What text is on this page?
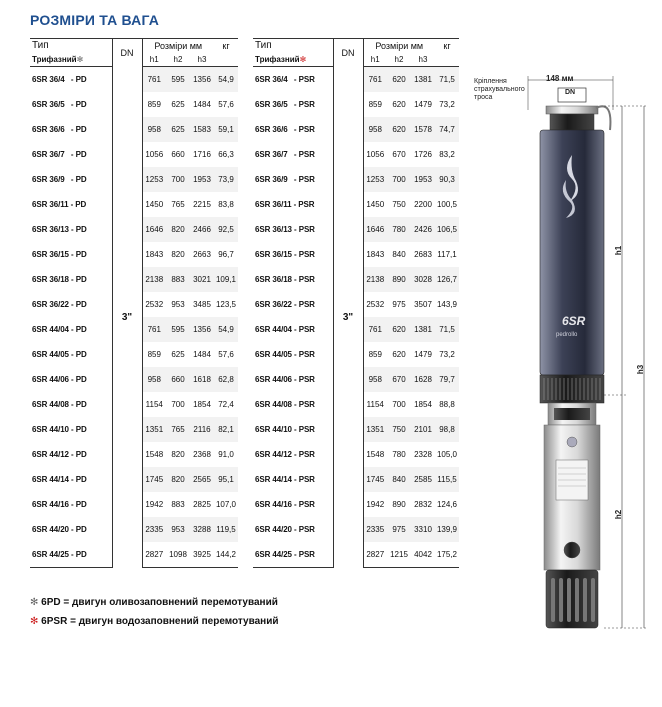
РОЗМІРИ ТА ВАГА
Тип	DN	Розміри мм			кг
Трифазний✻		h1	h2	h3	
6SR 36/4   - PD	3"	761	595	1356	54,9
6SR 36/5   - PD		859	625	1484	57,6
6SR 36/6   - PD		958	625	1583	59,1
6SR 36/7   - PD		1056	660	1716	66,3
6SR 36/9   - PD		1253	700	1953	73,9
6SR 36/11 - PD		1450	765	2215	83,8
6SR 36/13 - PD		1646	820	2466	92,5
6SR 36/15 - PD		1843	820	2663	96,7
6SR 36/18 - PD		2138	883	3021	109,1
6SR 36/22 - PD		2532	953	3485	123,5
6SR 44/04 - PD		761	595	1356	54,9
6SR 44/05 - PD		859	625	1484	57,6
6SR 44/06 - PD		958	660	1618	62,8
6SR 44/08 - PD		1154	700	1854	72,4
6SR 44/10 - PD		1351	765	2116	82,1
6SR 44/12 - PD		1548	820	2368	91,0
6SR 44/14 - PD		1745	820	2565	95,1
6SR 44/16 - PD		1942	883	2825	107,0
6SR 44/20 - PD		2335	953	3288	119,5
6SR 44/25 - PD		2827	1098	3925	144,2
Тип	DN	Розміри мм			кг
Трифазний✻		h1	h2	h3	
6SR 36/4   - PSR	3"	761	620	1381	71,5
6SR 36/5   - PSR		859	620	1479	73,2
6SR 36/6   - PSR		958	620	1578	74,7
6SR 36/7   - PSR		1056	670	1726	83,2
6SR 36/9   - PSR		1253	700	1953	90,3
6SR 36/11 - PSR		1450	750	2200	100,5
6SR 36/13 - PSR		1646	780	2426	106,5
6SR 36/15 - PSR		1843	840	2683	117,1
6SR 36/18 - PSR		2138	890	3028	126,7
6SR 36/22 - PSR		2532	975	3507	143,9
6SR 44/04 - PSR		761	620	1381	71,5
6SR 44/05 - PSR		859	620	1479	73,2
6SR 44/06 - PSR		958	670	1628	79,7
6SR 44/08 - PSR		1154	700	1854	88,8
6SR 44/10 - PSR		1351	750	2101	98,8
6SR 44/12 - PSR		1548	780	2328	105,0
6SR 44/14 - PSR		1745	840	2585	115,5
6SR 44/16 - PSR		1942	890	2832	124,6
6SR 44/20 - PSR		2335	975	3310	139,9
6SR 44/25 - PSR		2827	1215	4042	175,2
✻ 6PD = двигун оливозаповнений перемотуваний
✻ 6PSR = двигун водозаповнений перемотуваний
148 мм
DN
6SR
pedrollo
h1
h2
h3
Кріплення
страхувального
троса
